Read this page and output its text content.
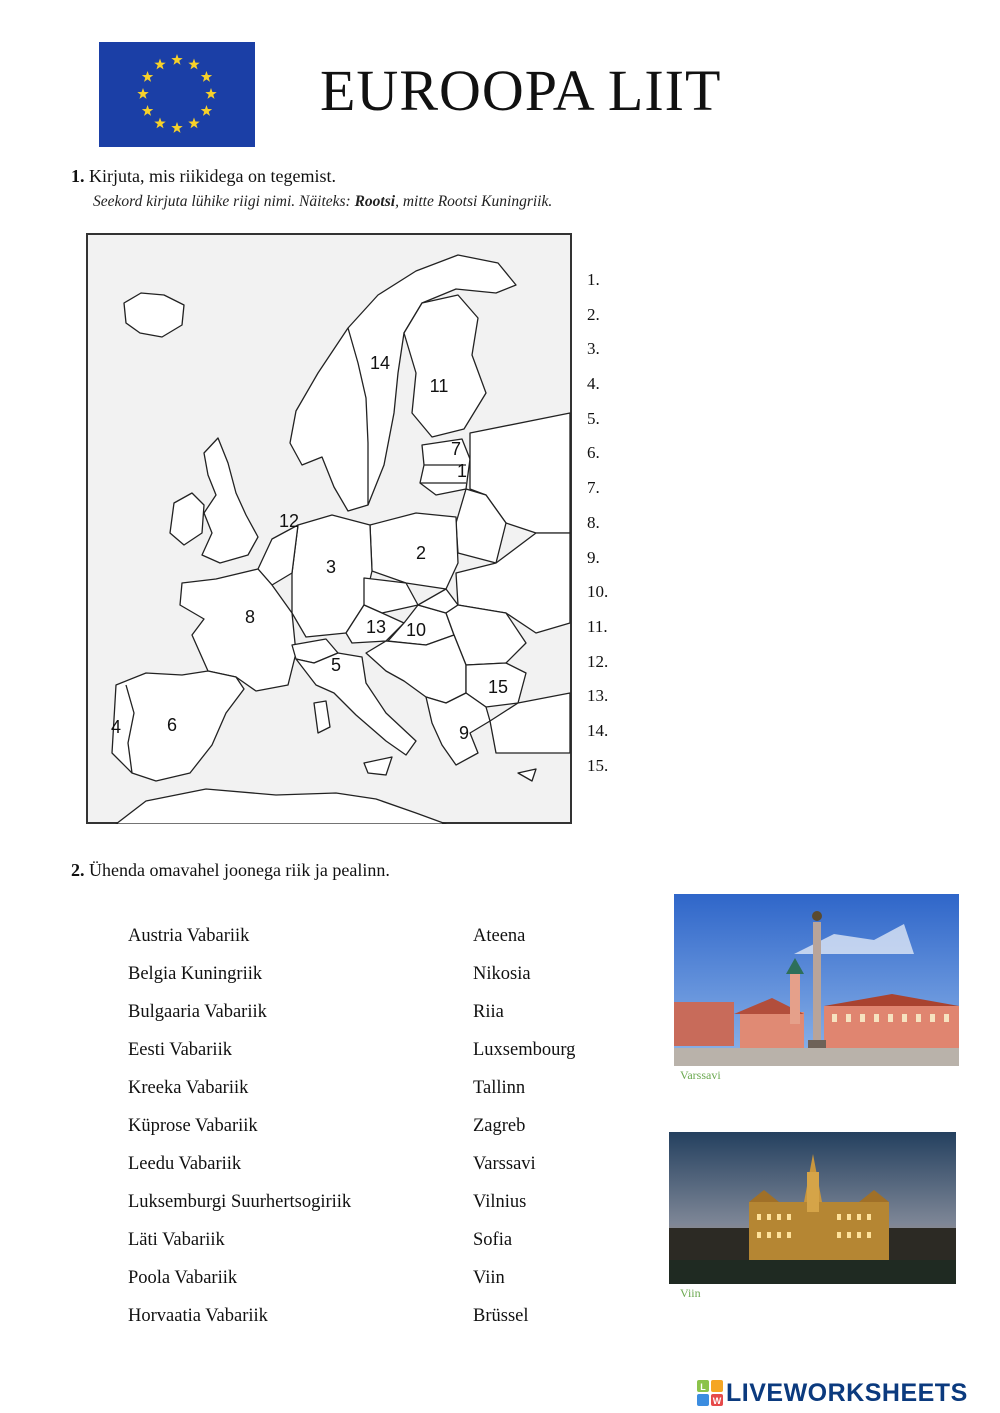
EUROOPA LIIT
1. Kirjuta, mis riikidega on tegemist.
Seekord kirjuta lühike riigi nimi. Näiteks: Rootsi, mitte Rootsi Kuningriik.
1
2
3
4
5
6
7
8
9
10
11
12
13
14
15
1.
2.
3.
4.
5.
6.
7.
8.
9.
10.
11.
12.
13.
14.
15.
2. Ühenda omavahel joonega riik ja pealinn.
Austria Vabariik
Belgia Kuningriik
Bulgaaria Vabariik
Eesti Vabariik
Kreeka Vabariik
Küprose Vabariik
Leedu Vabariik
Luksemburgi Suurhertsogiriik
Läti Vabariik
Poola Vabariik
Horvaatia Vabariik
Ateena
Nikosia
Riia
Luxsembourg
Tallinn
Zagreb
Varssavi
Vilnius
Sofia
Viin
Brüssel
Varssavi
Viin
L
W LIVEWORKSHEETS
